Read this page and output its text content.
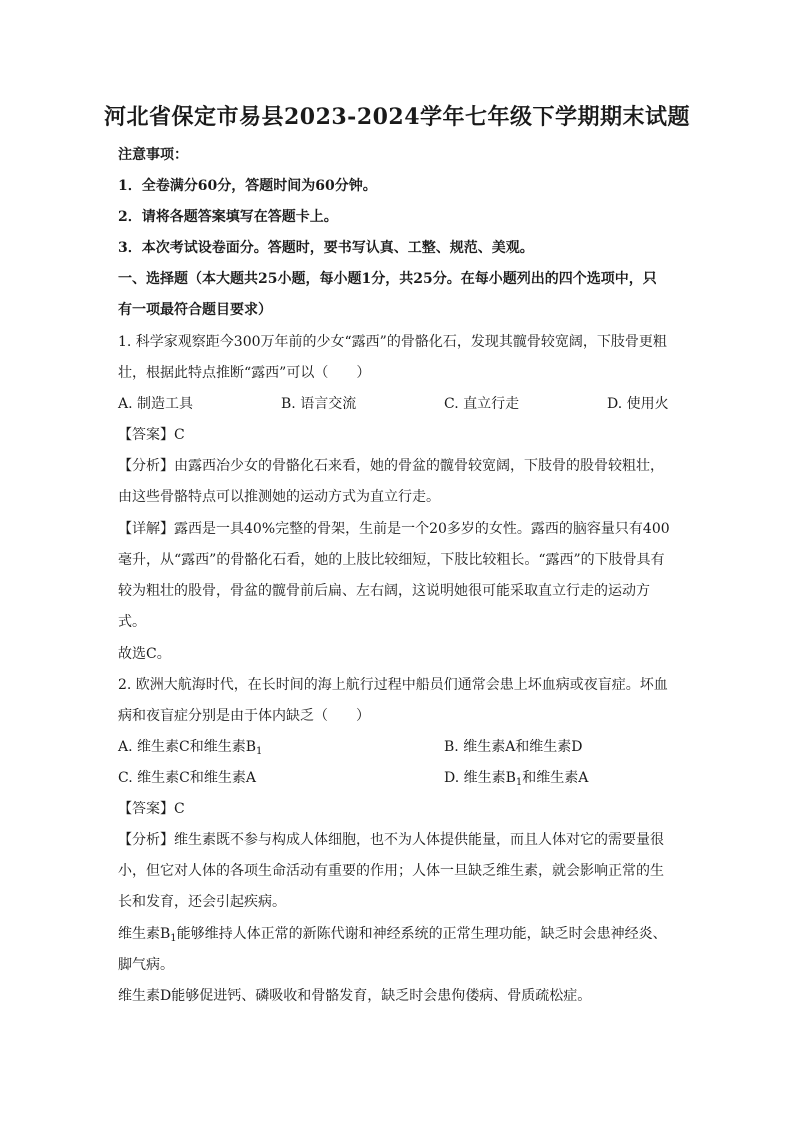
河北省保定市易县2023-2024学年七年级下学期期末试题
注意事项：
1．全卷满分60分，答题时间为60分钟。
2．请将各题答案填写在答题卡上。
3．本次考试设卷面分。答题时，要书写认真、工整、规范、美观。
一、选择题（本大题共25小题，每小题1分，共25分。在每小题列出的四个选项中，只
有一项最符合题目要求）
1. 科学家观察距今300万年前的少女“露西”的骨骼化石，发现其髋骨较宽阔，下肢骨更粗
壮，根据此特点推断“露西”可以（　　）
A. 制造工具	B. 语言交流	C. 直立行走	D. 使用火
【答案】C
【分析】由露西冶少女的骨骼化石来看，她的骨盆的髋骨较宽阔，下肢骨的股骨较粗壮，
由这些骨骼特点可以推测她的运动方式为直立行走。
【详解】露西是一具40%完整的骨架，生前是一个20多岁的女性。露西的脑容量只有400
毫升，从“露西”的骨骼化石看，她的上肢比较细短，下肢比较粗长。“露西”的下肢骨具有
较为粗壮的股骨，骨盆的髋骨前后扁、左右阔，这说明她很可能采取直立行走的运动方
式。
故选C。
2. 欧洲大航海时代，在长时间的海上航行过程中船员们通常会患上坏血病或夜盲症。坏血
病和夜盲症分别是由于体内缺乏（　　）
A. 维生素C和维生素$B_1$	B. 维生素A和维生素D
C. 维生素C和维生素A	D. 维生素$B_1$和维生素A
【答案】C
【分析】维生素既不参与构成人体细胞，也不为人体提供能量，而且人体对它的需要量很
小，但它对人体的各项生命活动有重要的作用；人体一旦缺乏维生素，就会影响正常的生
长和发育，还会引起疾病。
维生素$B_1$能够维持人体正常的新陈代谢和神经系统的正常生理功能，缺乏时会患神经炎、
脚气病。
维生素D能够促进钙、磷吸收和骨骼发育，缺乏时会患佝偻病、骨质疏松症。
